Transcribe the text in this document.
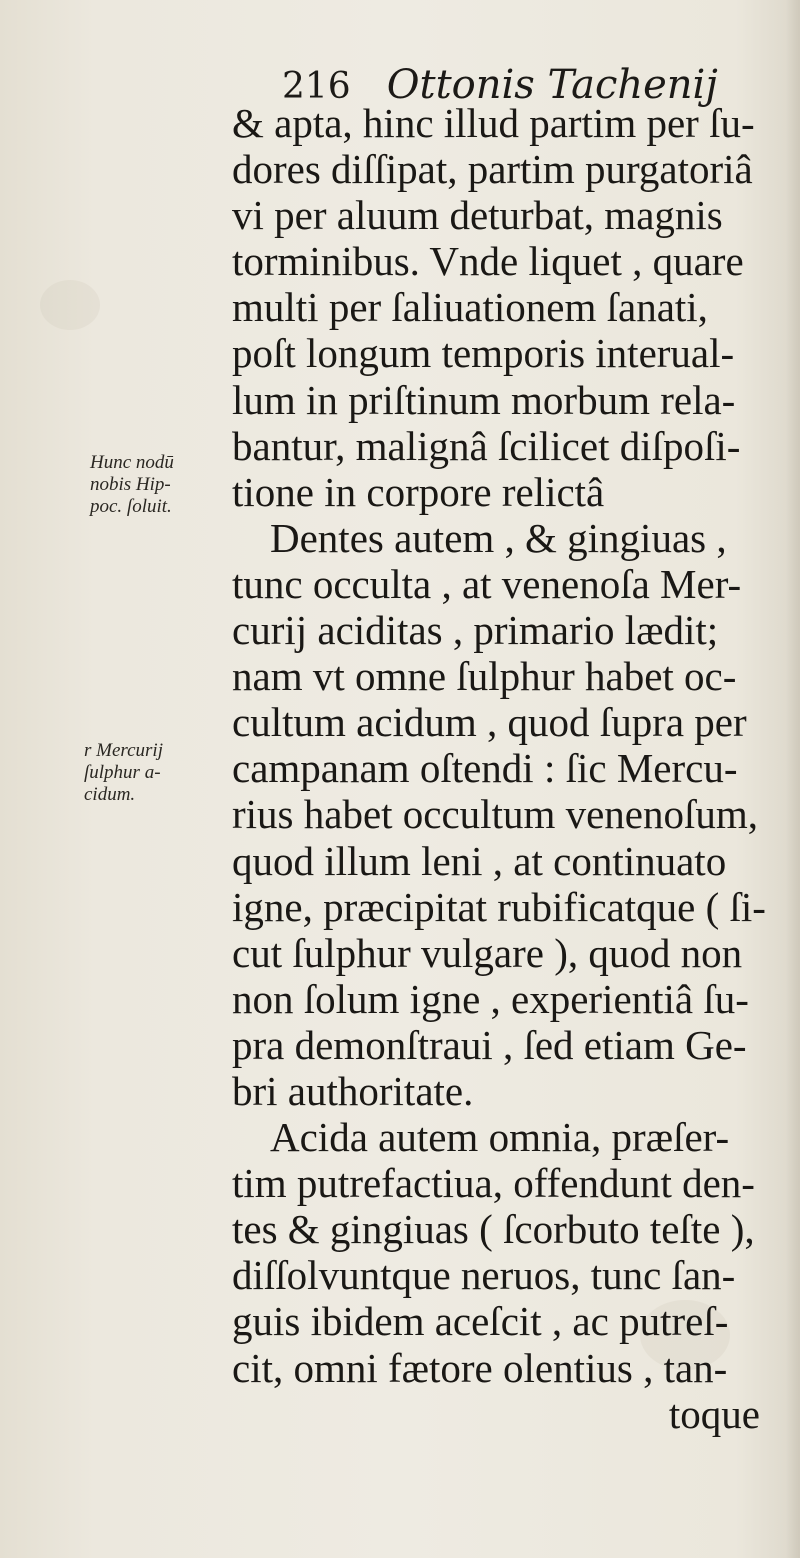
216 Ottonis Tachenij
& apta, hinc illud partim per ſu-
dores diſſipat, partim purgatoriâ
vi per aluum deturbat, magnis
torminibus. Vnde liquet , quare
multi per ſaliuationem ſanati,
poſt longum temporis interual-
lum in priſtinum morbum rela-
bantur, malignâ ſcilicet diſpoſi-
tione in corpore relictâ
Dentes autem , & gingiuas ,
tunc occulta , at venenoſa Mer-
curij aciditas , primario lædit;
nam vt omne ſulphur habet oc-
cultum acidum , quod ſupra per
campanam oſtendi : ſic Mercu-
rius habet occultum venenoſum,
quod illum leni , at continuato
igne, præcipitat rubificatque ( ſi-
cut ſulphur vulgare ), quod non
non ſolum igne , experientiâ ſu-
pra demonſtraui , ſed etiam Ge-
bri authoritate.
Acida autem omnia, præſer-
tim putrefactiua, offendunt den-
tes & gingiuas ( ſcorbuto teſte ),
diſſolvuntque neruos, tunc ſan-
guis ibidem aceſcit , ac putreſ-
cit, omni fætore olentius , tan-
toque
Hunc nodū
nobis Hip-
poc. ſoluit.
r Mercurij
ſulphur a-
cidum.
